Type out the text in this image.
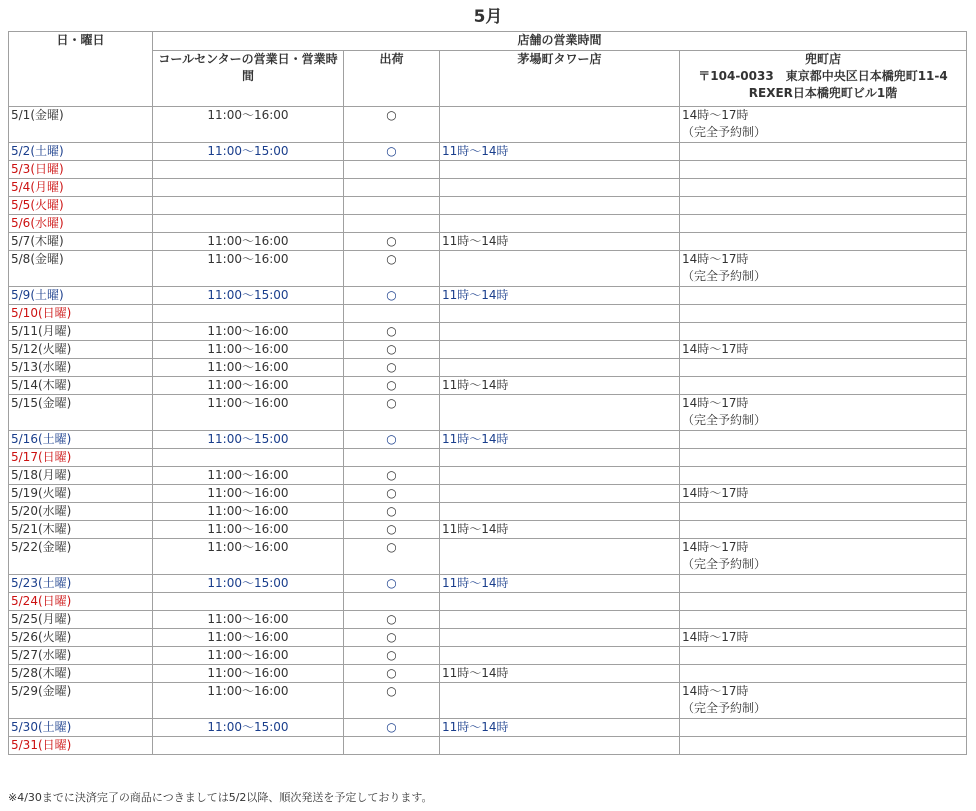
5月
日・曜日	店舗の営業時間			
	コールセンターの営業日・営業時間	出荷	茅場町タワー店	兜町店
〒104-0033　東京都中央区日本橋兜町11-4　REXER日本橋兜町ビル1階

5/1(金曜)	11:00～16:00	○		14時～17時
（完全予約制）

5/2(土曜)	11:00～15:00	○	11時～14時	

5/3(日曜)				

5/4(月曜)				

5/5(火曜)				

5/6(水曜)				

5/7(木曜)	11:00～16:00	○	11時～14時	

5/8(金曜)	11:00～16:00	○		14時～17時
（完全予約制）

5/9(土曜)	11:00～15:00	○	11時～14時	

5/10(日曜)				

5/11(月曜)	11:00～16:00	○		

5/12(火曜)	11:00～16:00	○		14時～17時

5/13(水曜)	11:00～16:00	○		

5/14(木曜)	11:00～16:00	○	11時～14時	

5/15(金曜)	11:00～16:00	○		14時～17時
（完全予約制）

5/16(土曜)	11:00～15:00	○	11時～14時	

5/17(日曜)				

5/18(月曜)	11:00～16:00	○		

5/19(火曜)	11:00～16:00	○		14時～17時

5/20(水曜)	11:00～16:00	○		

5/21(木曜)	11:00～16:00	○	11時～14時	

5/22(金曜)	11:00～16:00	○		14時～17時
（完全予約制）

5/23(土曜)	11:00～15:00	○	11時～14時	

5/24(日曜)				

5/25(月曜)	11:00～16:00	○		

5/26(火曜)	11:00～16:00	○		14時～17時

5/27(水曜)	11:00～16:00	○		

5/28(木曜)	11:00～16:00	○	11時～14時	

5/29(金曜)	11:00～16:00	○		14時～17時
（完全予約制）

5/30(土曜)	11:00～15:00	○	11時～14時	

5/31(日曜)				
※4/30までに決済完了の商品につきましては5/2以降、順次発送を予定しております。
